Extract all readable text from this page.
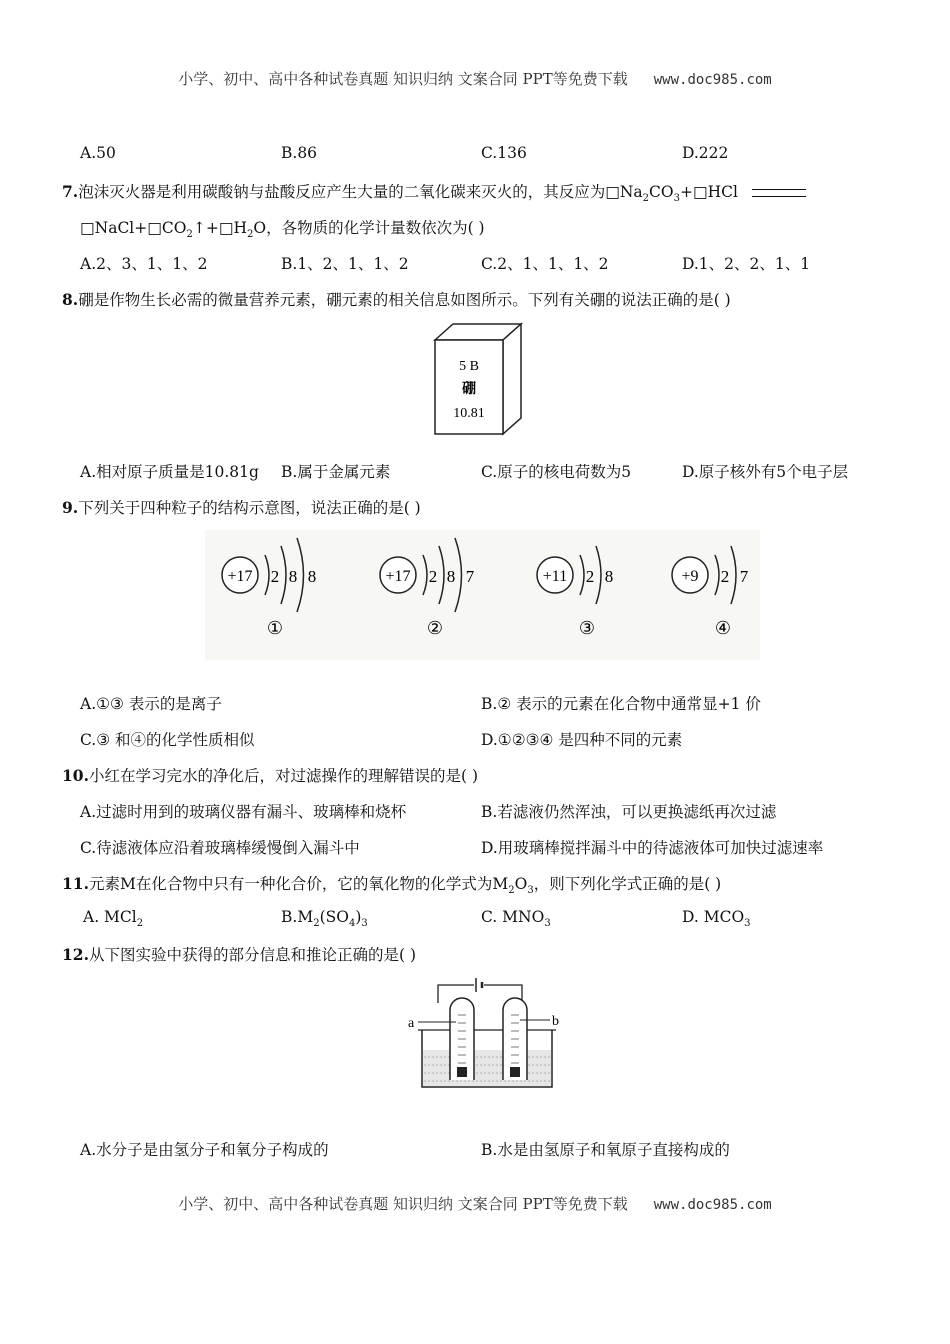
小学、初中、高中各种试卷真题 知识归纳 文案合同 PPT等免费下载 www.doc985.com
A.50	B.86	C.136	D.222
7.泡沫灭火器是利用碳酸钠与盐酸反应产生大量的二氧化碳来灭火的，其反应为$□Na_2CO_3+□HCl$
$□NaCl+□CO_2↑+□H_2O$，各物质的化学计量数依次为( )
A.2、3、1、1、2	B.1、2、1、1、2	C.2、1、1、1、2	D.1、2、2、1、1
8.硼是作物生长必需的微量营养元素，硼元素的相关信息如图所示。下列有关硼的说法正确的是( )
5 B
硼
10.81
A.相对原子质量是10.81g B.属于金属元素	C.原子的核电荷数为5	D.原子核外有5个电子层
9.下列关于四种粒子的结构示意图，说法正确的是( )
+17 2 8 8
①
+17 2 8 7
②
+11 2 8
③
+9 2 7
④
A.①③ 表示的是离子	B.② 表示的元素在化合物中通常显+1 价
C.③ 和④的化学性质相似	D.①②③④ 是四种不同的元素
10.小红在学习完水的净化后，对过滤操作的理解错误的是( )
A.过滤时用到的玻璃仪器有漏斗、玻璃棒和烧杯	B.若滤液仍然浑浊，可以更换滤纸再次过滤
C.待滤液体应沿着玻璃棒缓慢倒入漏斗中	D.用玻璃棒搅拌漏斗中的待滤液体可加快过滤速率
11.元素M在化合物中只有一种化合价，它的氧化物的化学式为$M_2O_3$，则下列化学式正确的是( )
A. MCl$_2$	$B.M_2(SO_4)_3$	C. $MNO_3$	D. $MCO_3$
12.从下图实验中获得的部分信息和推论正确的是( )
a	b
A.水分子是由氢分子和氧分子构成的	B.水是由氢原子和氧原子直接构成的
小学、初中、高中各种试卷真题 知识归纳 文案合同 PPT等免费下载 www.doc985.com
